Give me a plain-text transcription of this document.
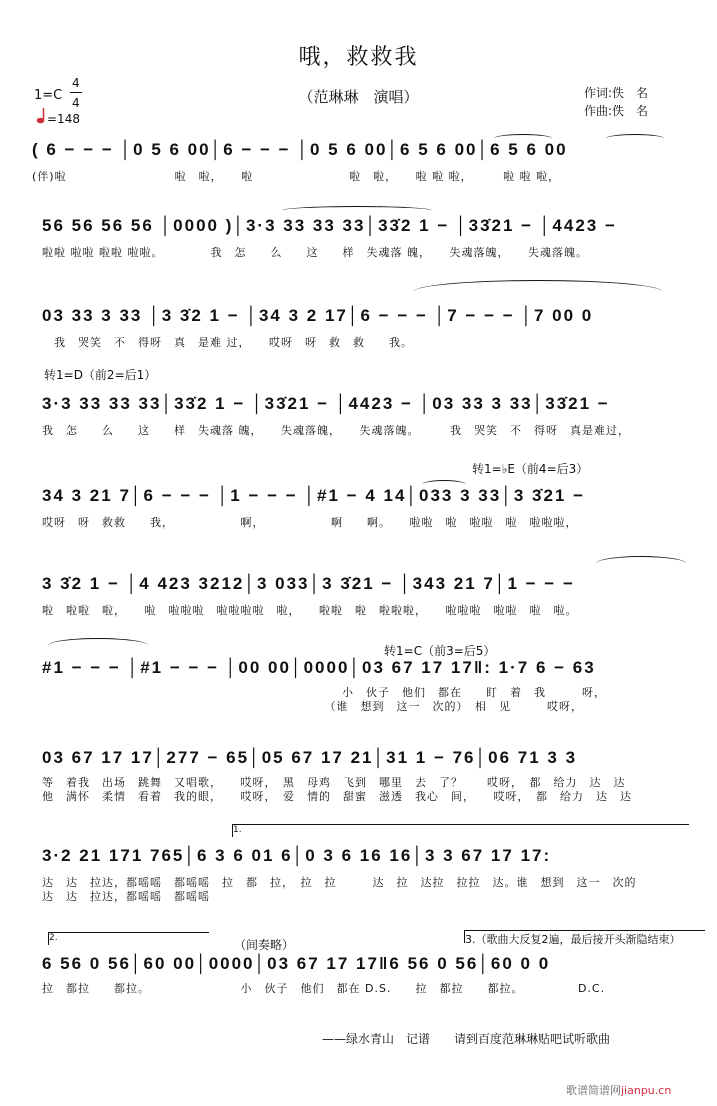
哦，救救我
（范琳琳　演唱）
1=C
4
4
=148
作词:佚　名
作曲:佚　名
( 6 − − − │0 5 6 00│6 − − − │0 5 6 00│6 5 6 00│6 5 6 00
(伴)啦　　　　　　　　　啦　啦，　　啦　　　　　　　　啦　啦，　　啦 啦 啦，　　　啦 啦 啦，
56 56 56 56 │0000 )│3·3 33 33 33│33̇2 1 − │33̇21 − │4423 −
啦啦 啦啦 啦啦 啦啦。　　　　 我　怎　　么　　这　　样　失魂落 魄，　　失魂落魄，　　失魂落魄。
03 33 3 33 │3 3̇2 1 − │34 3 2 17│6 − − − │7 − − − │7 00 0
　我　哭笑　不　得呀　真　是难 过，　　哎呀　呀　救　救　　我。
转1=D（前2=后1）
3·3 33 33 33│33̇2 1 − │33̇21 − │4423 − │03 33 3 33│33̇21 −
我　怎　　么　　这　　样　失魂落 魄，　　失魂落魄，　　失魂落魄。　　　我　哭笑　不　得呀　真是难过，
转1=♭E（前4=后3）
34 3 21 7│6 − − − │1 − − − │#1 − 4 14│033 3 33│3 3̇21 −
哎呀　呀　救救　　我，　　　　　　啊，　　　　　　啊　　啊。　　啦啦　啦　啦啦　啦　啦啦啦，
3 3̇2 1 − │4 423 3212│3 033│3 3̇21 − │343 21 7│1 − − −
啦　啦啦　啦，　　啦　啦啦啦　啦啦啦啦　啦，　　啦啦　啦　啦啦啦，　　啦啦啦　啦啦　啦　啦。
转1=C（前3=后5）
#1 − − − │#1 − − − │00 00│0000│03 67 17 17‖: 1·7 6 − 63
　　　　　　　　　　　　　　　　　　　　　　　　　小　伙子　他们　都在　　盯　着　我　　　呀，
　　　　　　　　　　　　　　　　　　　　　　　　（谁　想到　这一　次的）　相　见　　　哎呀，
03 67 17 17│277 − 65│05 67 17 21│31 1 − 76│06 71 3 3
等　着我　出场　跳舞　又唱歌，　　哎呀，　黑　母鸡　飞到　哪里　去　了？　　哎呀，　都　给力　达　达
他　满怀　柔情　看着　我的眼，　　哎呀，　爱　情的　甜蜜　滋透　我心　间，　　哎呀，　都　给力　达　达
1.
3·2 21 171 765│6 3 6 01 6│0 3 6 16 16│3 3 67 17 17:
达　达　拉达，都嗂嗂　都嗂嗂　拉　都　拉，　拉　拉　　　达　拉　达拉　拉拉　达。谁　想到　这一　次的
达　达　拉达，都嗂嗂　都嗂嗂
2.	（间奏略）	3.（歌曲大反复2遍，最后接开头渐隐结束）
6 56 0 56│60 00│0000│03 67 17 17‖6 56 0 56│60 0 0
拉　都拉　　都拉。　　　　　　　　小　伙子　他们　都在 D.S.　　拉　都拉　　都拉。　　　　　D.C.
——绿水青山　记谱　　请到百度范琳琳贴吧试听歌曲
歌谱简谱网jianpu.cn
